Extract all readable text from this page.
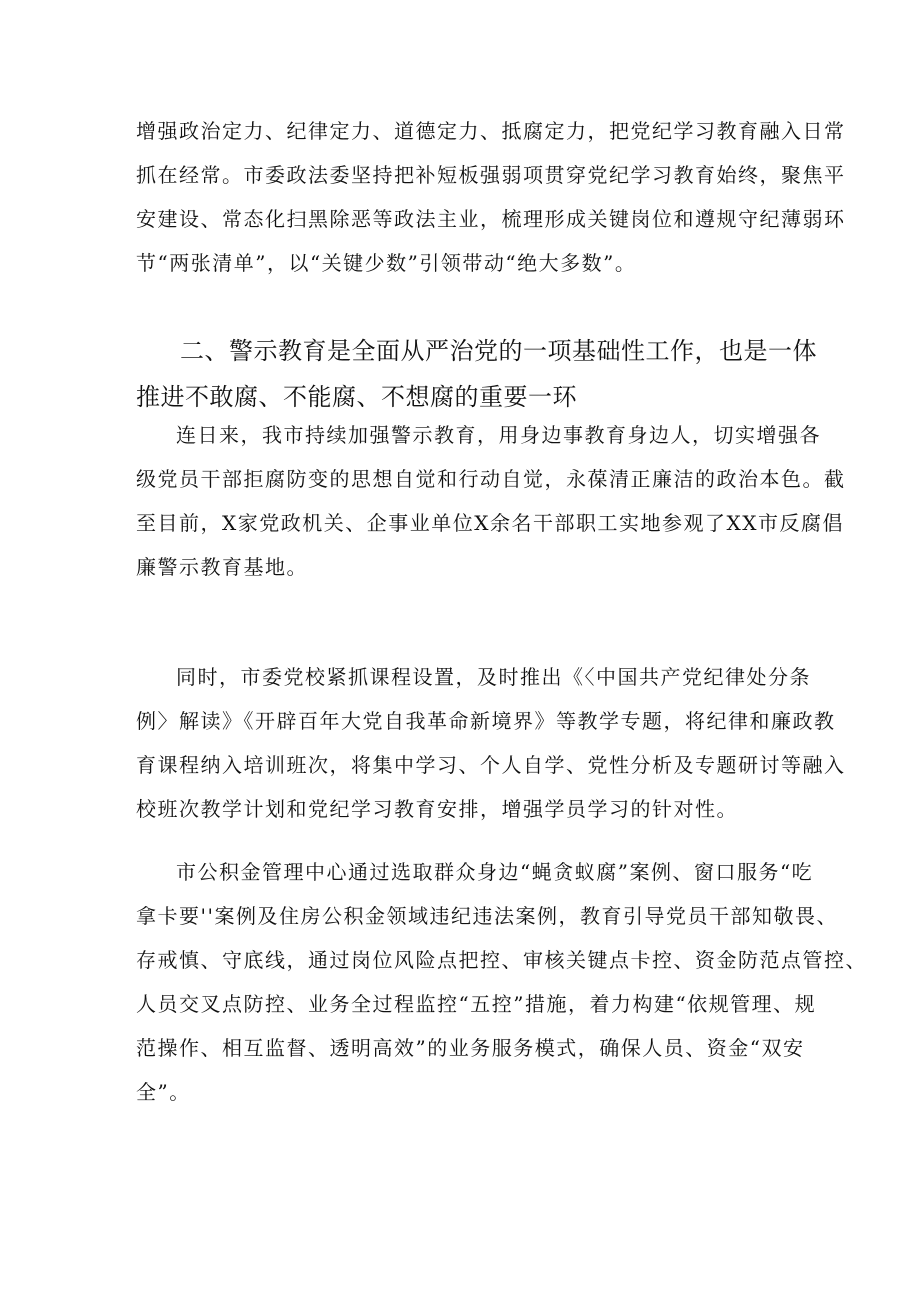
增强政治定力、纪律定力、道德定力、抵腐定力，把党纪学习教育融入日常
抓在经常。市委政法委坚持把补短板强弱项贯穿党纪学习教育始终，聚焦平
安建设、常态化扫黑除恶等政法主业，梳理形成关键岗位和遵规守纪薄弱环
节“两张清单”，以“关键少数”引领带动“绝大多数”。
二、警示教育是全面从严治党的一项基础性工作，也是一体
推进不敢腐、不能腐、不想腐的重要一环
连日来，我市持续加强警示教育，用身边事教育身边人，切实增强各
级党员干部拒腐防变的思想自觉和行动自觉，永葆清正廉洁的政治本色。截
至目前，X家党政机关、企事业单位X余名干部职工实地参观了XX市反腐倡
廉警示教育基地。
同时，市委党校紧抓课程设置，及时推出《〈中国共产党纪律处分条
例〉解读》《开辟百年大党自我革命新境界》等教学专题，将纪律和廉政教
育课程纳入培训班次，将集中学习、个人自学、党性分析及专题研讨等融入
校班次教学计划和党纪学习教育安排，增强学员学习的针对性。
市公积金管理中心通过选取群众身边“蝇贪蚁腐”案例、窗口服务“吃
拿卡要''案例及住房公积金领域违纪违法案例，教育引导党员干部知敬畏、
存戒慎、守底线，通过岗位风险点把控、审核关键点卡控、资金防范点管控、
人员交叉点防控、业务全过程监控“五控”措施，着力构建“依规管理、规
范操作、相互监督、透明高效”的业务服务模式，确保人员、资金“双安
全”。
